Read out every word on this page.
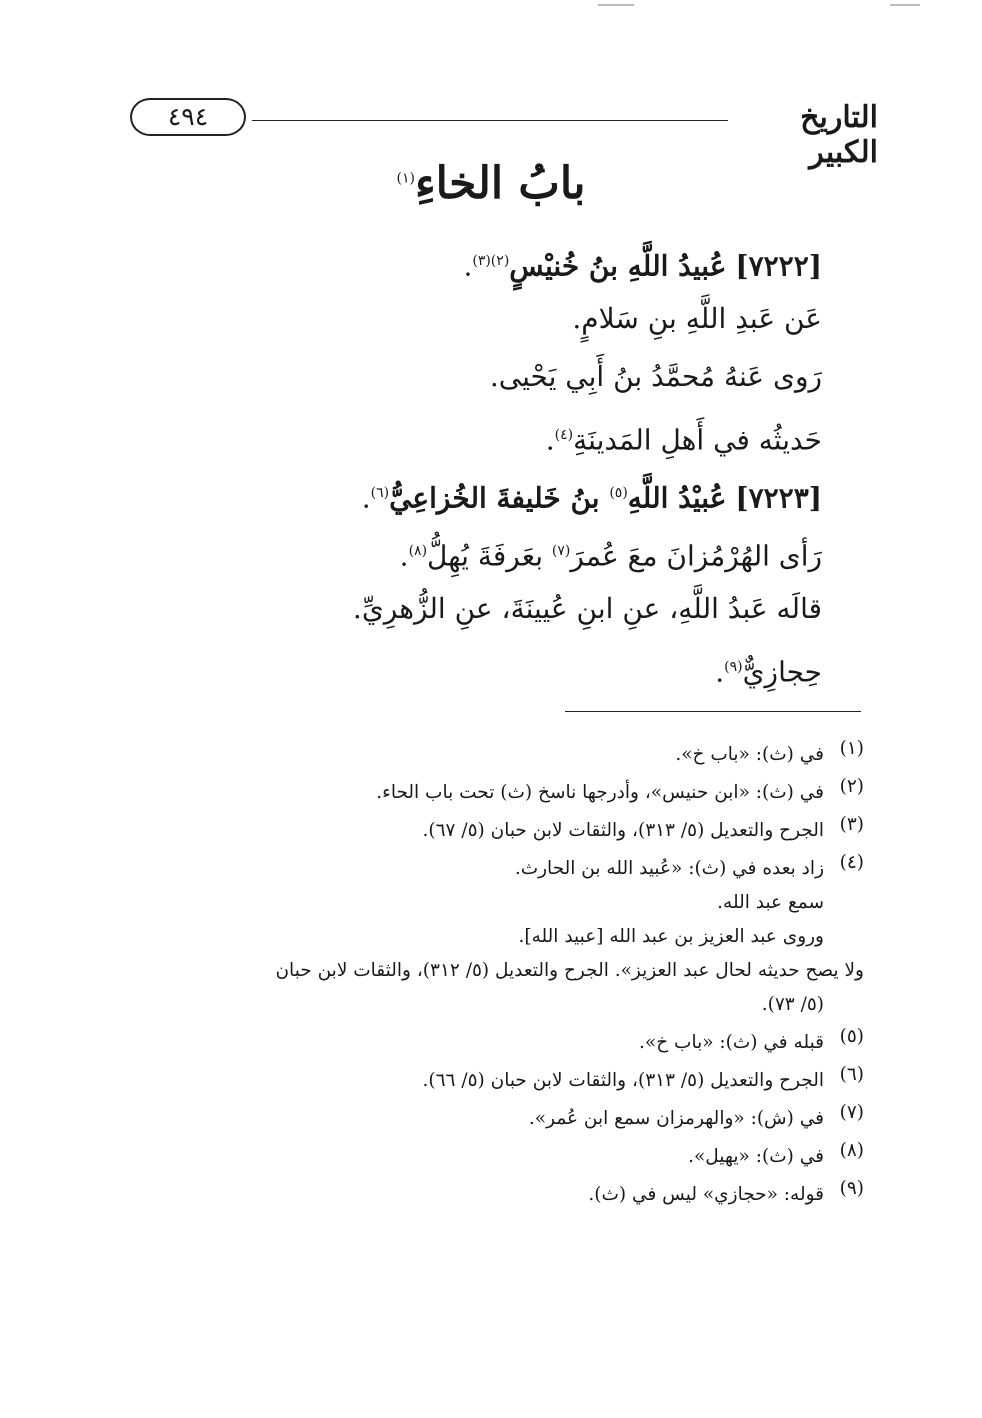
التاريخ الكبير
٤٩٤
بابُ الخاءِ$^{(١)}$
[٧٢٢٢] عُبيدُ اللَّهِ بنُ خُنيْسٍ$^{(٢)(٣)}$.
عَن عَبدِ اللَّهِ بنِ سَلامٍ.
رَوى عَنهُ مُحمَّدُ بنُ أَبِي يَحْيى.
حَديثُه في أَهلِ المَدينَةِ$^{(٤)}$.
[٧٢٢٣] عُبيْدُ اللَّهِ$^{(٥)}$ بنُ خَليفةَ الخُزاعِيُّ$^{(٦)}$.
رَأى الهُرْمُزانَ معَ عُمرَ$^{(٧)}$ بعَرفَةَ يُهِلُّ$^{(٨)}$.
قالَه عَبدُ اللَّهِ، عنِ ابنِ عُيينَةَ، عنِ الزُّهرِيِّ.
حِجازِيٌّ$^{(٩)}$.
(١)
في (ث): «باب خ».
(٢)
في (ث): «ابن حنيس»، وأدرجها ناسخ (ث) تحت باب الحاء.
(٣)
الجرح والتعديل (٥/ ٣١٣)، والثقات لابن حبان (٥/ ٦٧).
(٤)
زاد بعده في (ث): «عُبيد الله بن الحارث.
سمع عبد الله.
وروى عبد العزيز بن عبد الله [عبيد الله].
ولا يصح حديثه لحال عبد العزيز». الجرح والتعديل (٥/ ٣١٢)، والثقات لابن حبان
(٥/ ٧٣).
(٥)
قبله في (ث): «باب خ».
(٦)
الجرح والتعديل (٥/ ٣١٣)، والثقات لابن حبان (٥/ ٦٦).
(٧)
في (ش): «والهرمزان سمع ابن عُمر».
(٨)
في (ث): «يهيل».
(٩)
قوله: «حجازي» ليس في (ث).
